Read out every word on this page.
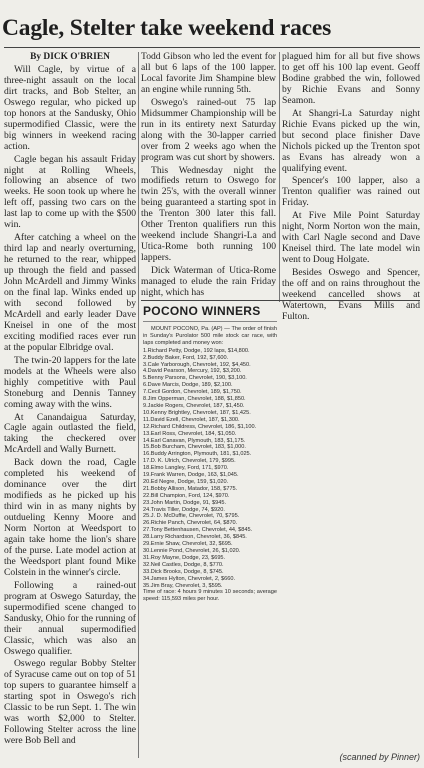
Cagle, Stelter take weekend races

By DICK O'BRIEN

Will Cagle, by virtue of a three-night assault on the local dirt tracks, and Bob Stelter, an Oswego regular, who picked up top honors at the Sandusky, Ohio supermodified Classic, were the big winners in weekend racing action.

Cagle began his assault Friday night at Rolling Wheels, following an absence of two weeks. He soon took up where he left off, passing two cars on the last lap to come up with the $500 win.

After catching a wheel on the third lap and nearly overturning, he returned to the rear, whipped up through the field and passed John McArdell and Jimmy Winks on the final lap. Winks ended up with second followed by McArdell and early leader Dave Kneisel in one of the most exciting modified races ever run at the popular Elbridge oval.

The twin-20 lappers for the late models at the Wheels were also highly competitive with Paul Stoneburg and Dennis Tanney coming away with the wins.

At Canandaigua Saturday, Cagle again outlasted the field, taking the checkered over McArdell and Wally Burnett.

Back down the road, Cagle completed his weekend of dominance over the dirt modifieds as he picked up his third win in as many nights by outdueling Kenny Moore and Norm Norton at Weedsport to again take home the lion's share of the purse. Late model action at the Weedsport plant found Mike Colstein in the winner's circle.

Following a rained-out program at Oswego Saturday, the supermodified scene changed to Sandusky, Ohio for the running of their annual supermodified Classic, which was also an Oswego qualifier.

Oswego regular Bobby Stelter of Syracuse came out on top of 51 top supers to guarantee himself a starting spot in Oswego's rich Classic to be run Sept. 1. The win was worth $2,000 to Stelter. Following Stelter across the line were Bob Bell and

Todd Gibson who led the event for all but 6 laps of the 100 lapper. Local favorite Jim Shampine blew an engine while running 5th.

Oswego's rained-out 75 lap Midsummer Championship will be run in its entirety next Saturday along with the 30-lapper carried over from 2 weeks ago when the program was cut short by showers.

This Wednesday night the modifieds return to Oswego for twin 25's, with the overall winner being guaranteed a starting spot in the Trenton 300 later this fall. Other Trenton qualifiers run this weekend include Shangri-La and Utica-Rome both running 100 lappers.

Dick Waterman of Utica-Rome managed to elude the rain Friday night, which has

plagued him for all but five shows to get off his 100 lap event. Geoff Bodine grabbed the win, followed by Richie Evans and Sonny Seamon.

At Shangri-La Saturday night Richie Evans picked up the win, but second place finisher Dave Nichols picked up the Trenton spot as Evans has already won a qualifying event.

Spencer's 100 lapper, also a Trenton qualifier was rained out Friday.

At Five Mile Point Saturday night, Norm Norton won the main, with Carl Nagle second and Dave Kneisel third. The late model win went to Doug Holgate.

Besides Oswego and Spencer, the off and on rains throughout the weekend cancelled shows at Watertown, Evans Mills and Fulton.

POCONO WINNERS
MOUNT POCONO, Pa. (AP) — The order of finish in Sunday's Purolator 500 mile stock car race, with laps completed and money won:
1.Richard Petty, Dodge, 192 laps, $14,800.
2.Buddy Baker, Ford, 192, $7,600.
3.Cale Yarborough, Chevrolet, 192, $4,450.
4.David Pearson, Mercury, 192, $3,200.
5.Benny Parsons, Chevrolet, 190, $3,100.
6.Dave Marcis, Dodge, 189, $2,100.
7.Cecil Gordon, Chevrolet, 189, $1,750.
8.Jim Opperman, Chevrolet, 188, $1,850.
9.Jackie Rogers, Chevrolet, 187, $1,450.
10.Kenny Brightley, Chevrolet, 187, $1,425.
11.David Ezell, Chevrolet, 187, $1,300.
12.Richard Childress, Chevrolet, 186, $1,100.
13.Earl Ross, Chevrolet, 184, $1,050.
14.Earl Canavan, Plymouth, 183, $1,175.
15.Bob Burcham, Chevrolet, 183, $1,000.
16.Buddy Arrington, Plymouth, 181, $1,025.
17.D. K. Ulrich, Chevrolet, 179, $995.
18.Elmo Langley, Ford, 171, $970.
19.Frank Warren, Dodge, 163, $1,045.
20.Ed Negre, Dodge, 159, $1,020.
21.Bobby Allison, Matador, 158, $775.
22.Bill Champion, Ford, 124, $970.
23.John Martin, Dodge, 91, $945.
24.Travis Tiller, Dodge, 74, $920.
25.J. D. McDuffie, Chevrolet, 70, $795.
26.Richie Panch, Chevrolet, 64, $870.
27.Tony Bettenhausen, Chevrolet, 44, $845.
28.Larry Richardson, Chevrolet, 36, $845.
29.Ernie Shaw, Chevrolet, 32, $695.
30.Lennie Pond, Chevrolet, 26, $1,020.
31.Roy Mayne, Dodge, 23, $695.
32.Neil Castles, Dodge, 8, $770.
33.Dick Brooks, Dodge, 8, $745.
34.James Hylton, Chevrolet, 2, $660.
35.Jim Bray, Chevrolet, 3, $595.
Time of race: 4 hours 9 minutes 10 seconds; average speed: 115,593 miles per hour.
(scanned by Pinner)
